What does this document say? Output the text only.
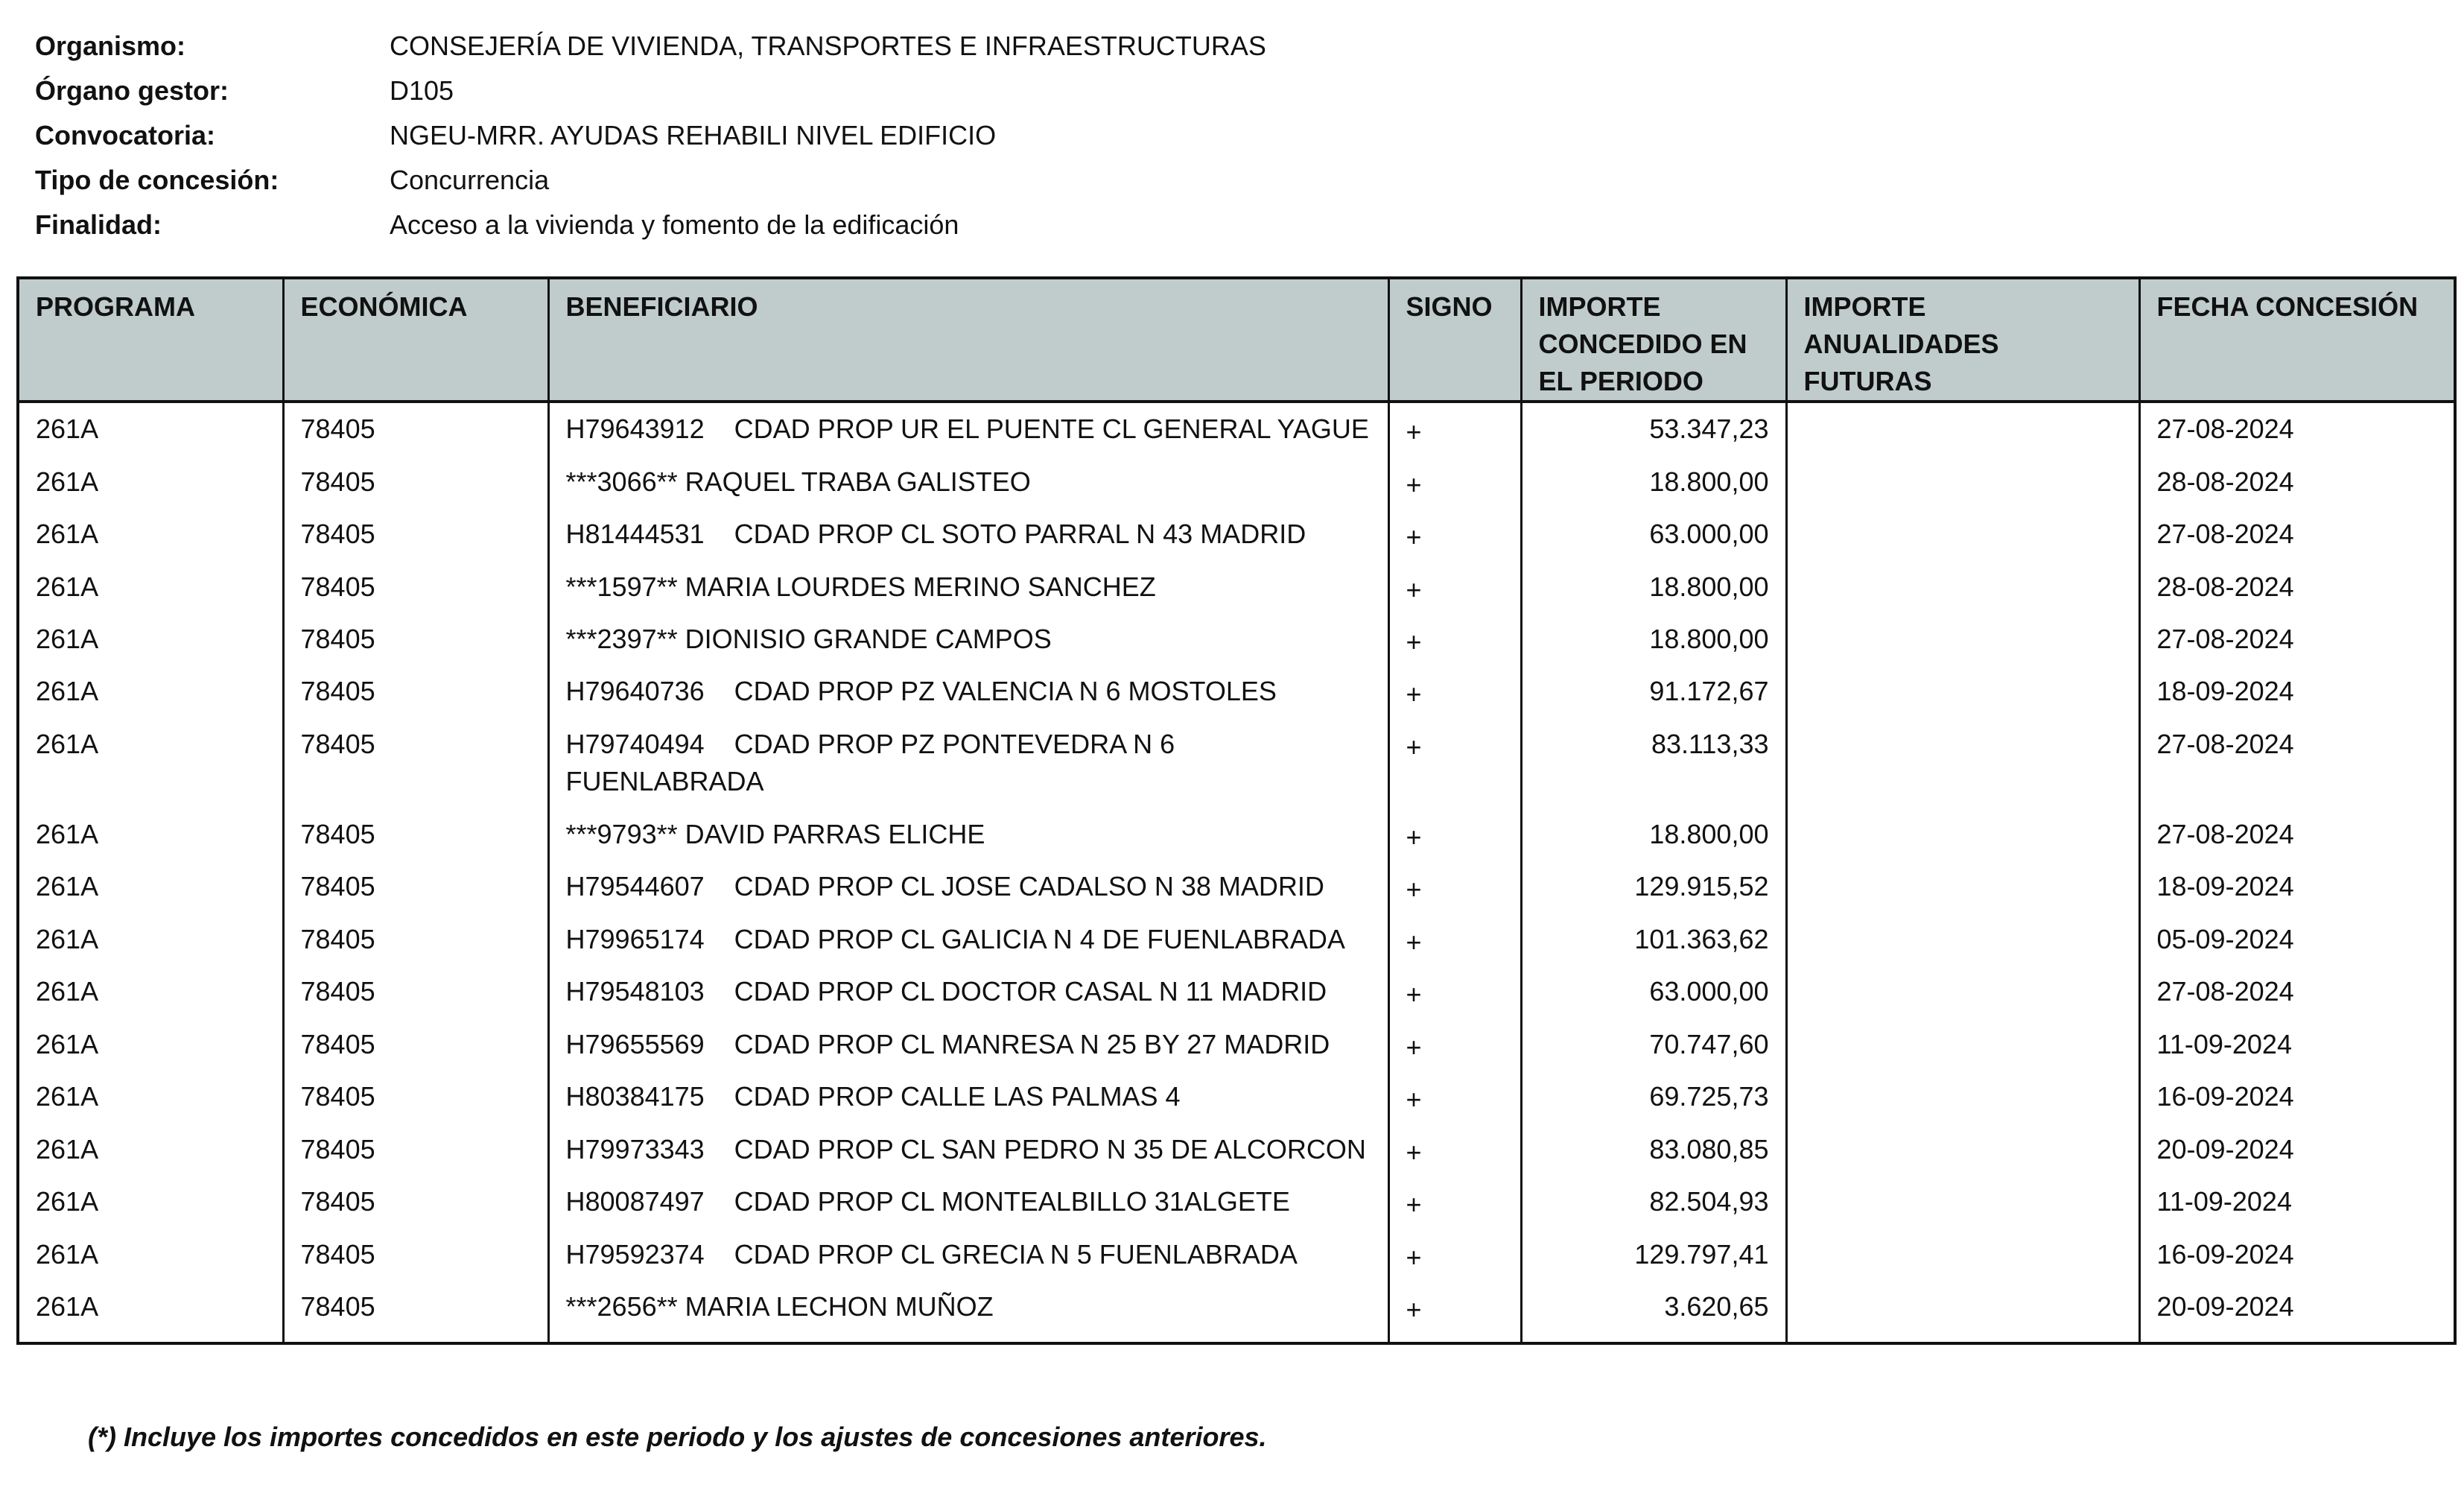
Organismo:	CONSEJERÍA DE VIVIENDA, TRANSPORTES E INFRAESTRUCTURAS
Órgano gestor:	D105
Convocatoria:	NGEU-MRR. AYUDAS REHABILI NIVEL EDIFICIO
Tipo de concesión:	Concurrencia
Finalidad:	Acceso a la vivienda y fomento de la edificación
PROGRAMA	ECONÓMICA	BENEFICIARIO	SIGNO	IMPORTE CONCEDIDO EN EL PERIODO	IMPORTE ANUALIDADES FUTURAS	FECHA CONCESIÓN
261A	78405	H79643912    CDAD PROP UR EL PUENTE CL GENERAL YAGUE	+	53.347,23		27-08-2024
261A	78405	***3066** RAQUEL TRABA GALISTEO	+	18.800,00		28-08-2024
261A	78405	H81444531    CDAD PROP CL SOTO PARRAL N 43 MADRID	+	63.000,00		27-08-2024
261A	78405	***1597** MARIA LOURDES MERINO SANCHEZ	+	18.800,00		28-08-2024
261A	78405	***2397** DIONISIO GRANDE CAMPOS	+	18.800,00		27-08-2024
261A	78405	H79640736    CDAD PROP PZ VALENCIA N 6 MOSTOLES	+	91.172,67		18-09-2024
261A	78405	H79740494    CDAD PROP PZ PONTEVEDRA N 6 FUENLABRADA	+	83.113,33		27-08-2024
261A	78405	***9793** DAVID PARRAS ELICHE	+	18.800,00		27-08-2024
261A	78405	H79544607    CDAD PROP CL JOSE CADALSO N 38 MADRID	+	129.915,52		18-09-2024
261A	78405	H79965174    CDAD PROP CL GALICIA N 4 DE FUENLABRADA	+	101.363,62		05-09-2024
261A	78405	H79548103    CDAD PROP CL DOCTOR CASAL N 11 MADRID	+	63.000,00		27-08-2024
261A	78405	H79655569    CDAD PROP CL MANRESA N 25 BY 27 MADRID	+	70.747,60		11-09-2024
261A	78405	H80384175    CDAD PROP CALLE LAS PALMAS 4	+	69.725,73		16-09-2024
261A	78405	H79973343    CDAD PROP CL SAN PEDRO N 35 DE ALCORCON	+	83.080,85		20-09-2024
261A	78405	H80087497    CDAD PROP CL MONTEALBILLO 31ALGETE	+	82.504,93		11-09-2024
261A	78405	H79592374    CDAD PROP CL GRECIA N 5 FUENLABRADA	+	129.797,41		16-09-2024
261A	78405	***2656** MARIA LECHON MUÑOZ	+	3.620,65		20-09-2024

(*) Incluye los importes concedidos en este periodo y los ajustes de concesiones anteriores.
